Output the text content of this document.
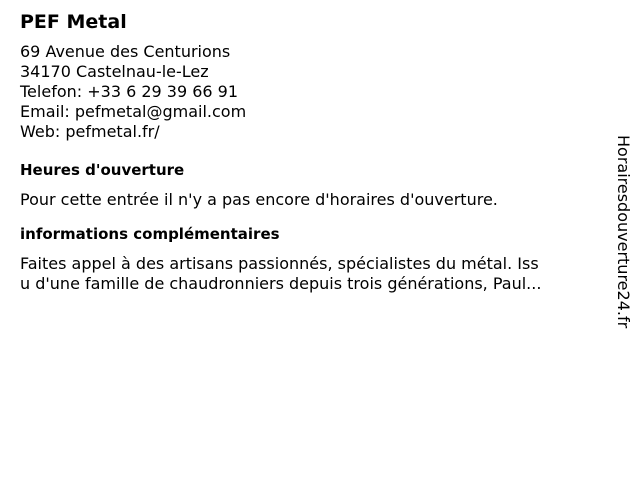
PEF Metal
69 Avenue des Centurions
34170 Castelnau-le-Lez
Telefon: +33 6 29 39 66 91
Email: pefmetal@gmail.com
Web: pefmetal.fr/
Heures d'ouverture
Pour cette entrée il n'y a pas encore d'horaires d'ouverture.
informations complémentaires
Faites appel à des artisans passionnés, spécialistes du métal. Iss
u d'une famille de chaudronniers depuis trois générations, Paul...	Horairesdouverture24.fr
